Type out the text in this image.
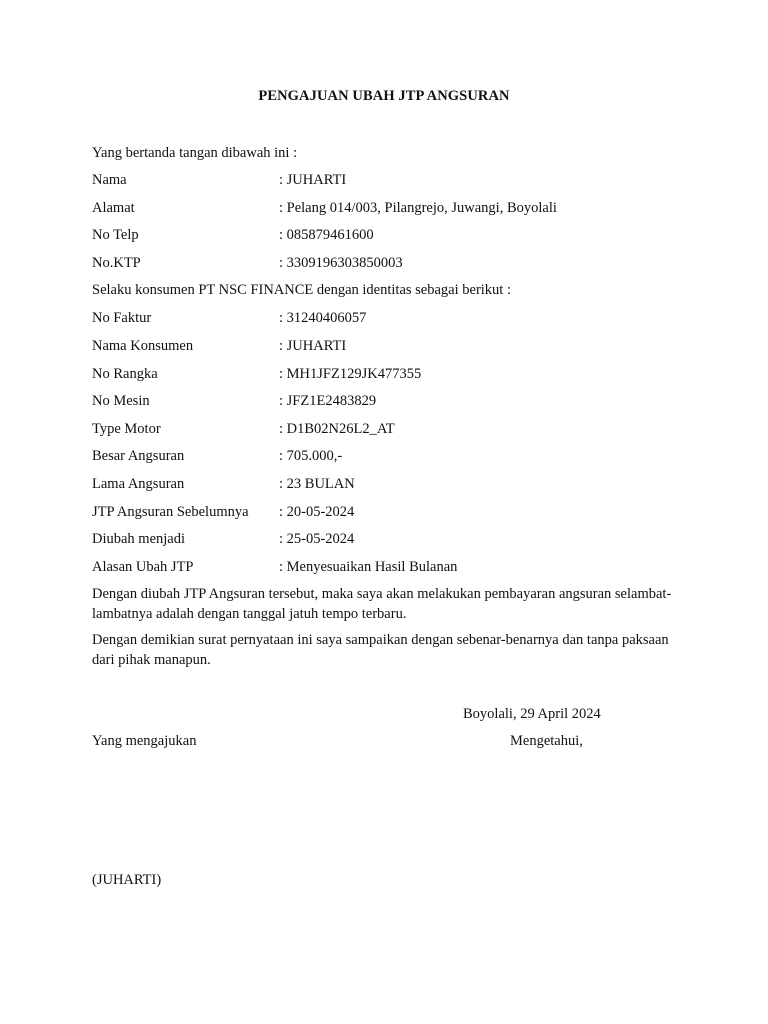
PENGAJUAN UBAH JTP ANGSURAN
Yang bertanda tangan dibawah ini :
Nama	: JUHARTI
Alamat	: Pelang 014/003, Pilangrejo, Juwangi, Boyolali
No Telp	: 085879461600
No.KTP	: 3309196303850003
Selaku konsumen PT NSC FINANCE dengan identitas sebagai berikut :
No Faktur	: 31240406057
Nama Konsumen	: JUHARTI
No Rangka	: MH1JFZ129JK477355
No Mesin	: JFZ1E2483829
Type Motor	: D1B02N26L2_AT
Besar Angsuran	: 705.000,-
Lama Angsuran	: 23 BULAN
JTP Angsuran Sebelumnya : 20-05-2024
Diubah menjadi	: 25-05-2024
Alasan Ubah JTP	: Menyesuaikan Hasil Bulanan
Dengan diubah JTP Angsuran tersebut, maka saya akan melakukan pembayaran angsuran selambat-lambatnya adalah dengan tanggal jatuh tempo terbaru.
Dengan demikian surat pernyataan ini saya sampaikan dengan sebenar-benarnya dan tanpa paksaan dari pihak manapun.
Boyolali, 29 April 2024
Yang mengajukan	Mengetahui,
(JUHARTI)
